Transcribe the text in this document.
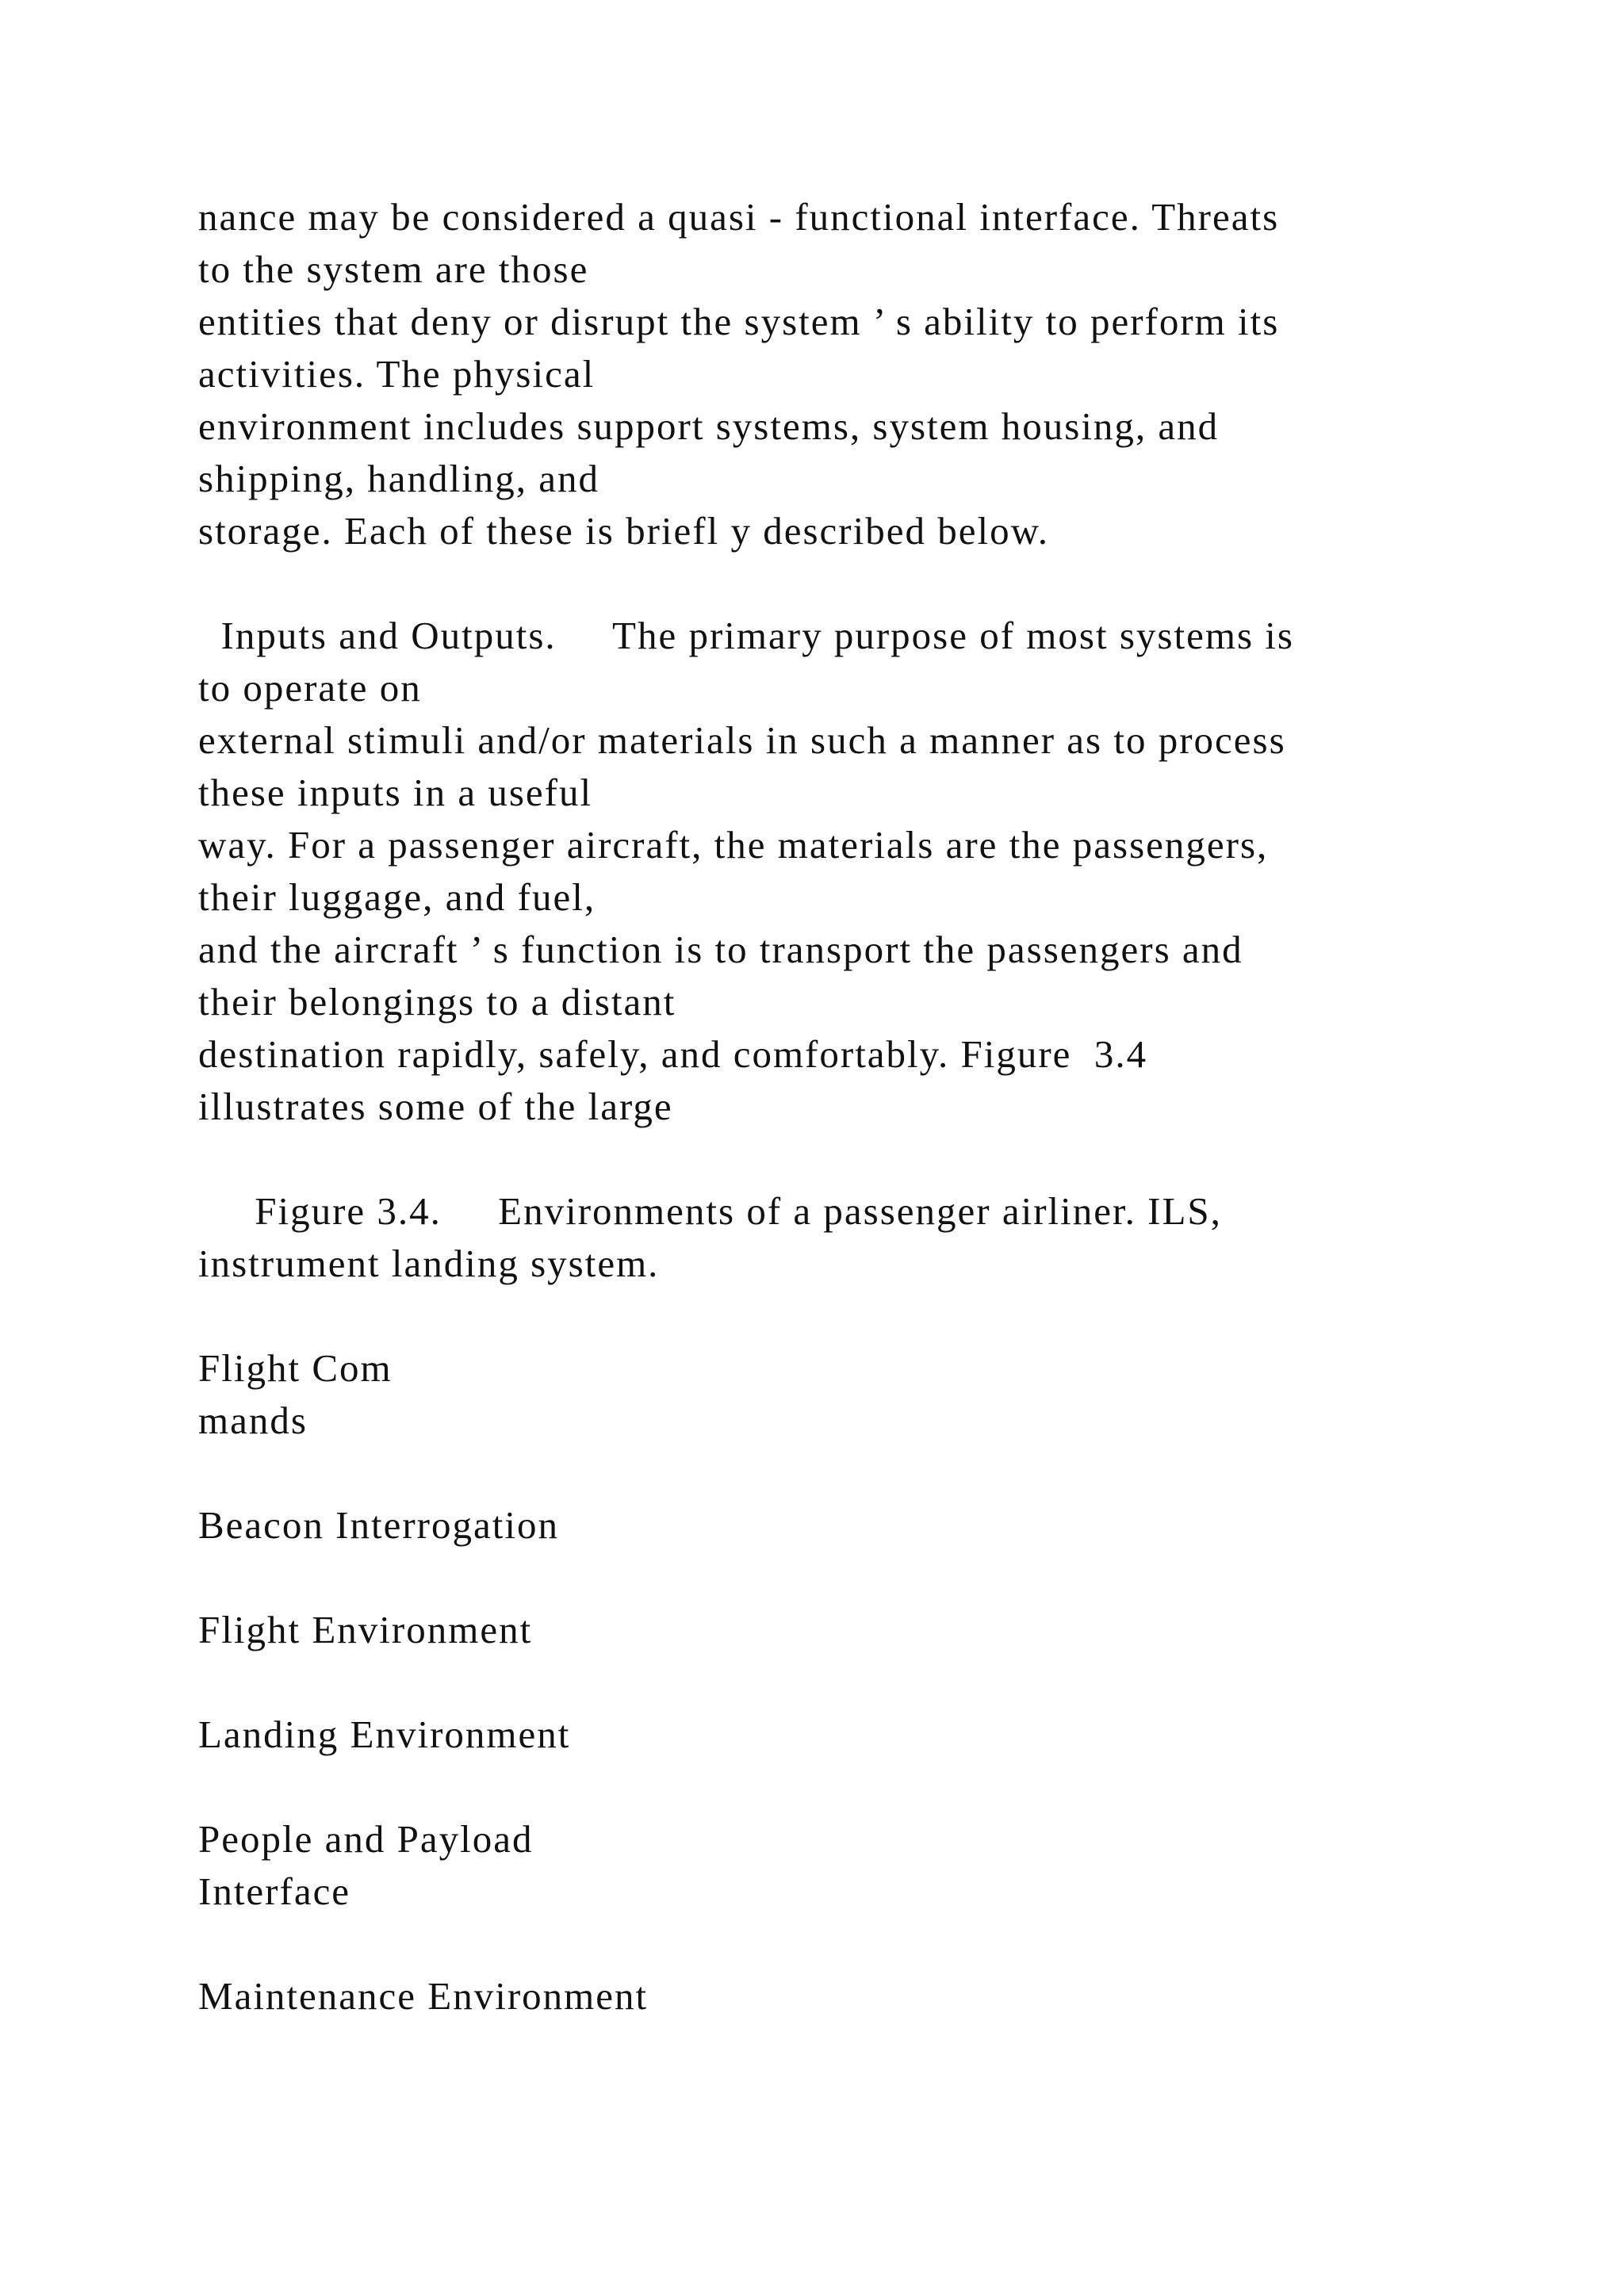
nance may be considered a quasi - functional interface. Threats
to the system are those
entities that deny or disrupt the system ’ s ability to perform its
activities. The physical
environment includes support systems, system housing, and
shipping, handling, and
storage. Each of these is briefl y described below.
Inputs and Outputs.     The primary purpose of most systems is
to operate on
external stimuli and/or materials in such a manner as to process
these inputs in a useful
way. For a passenger aircraft, the materials are the passengers,
their luggage, and fuel,
and the aircraft ’ s function is to transport the passengers and
their belongings to a distant
destination rapidly, safely, and comfortably. Figure  3.4
illustrates some of the large
Figure 3.4.     Environments of a passenger airliner. ILS,
instrument landing system.
Flight Com
mands
Beacon Interrogation
Flight Environment
Landing Environment
People and Payload
Interface
Maintenance Environment
